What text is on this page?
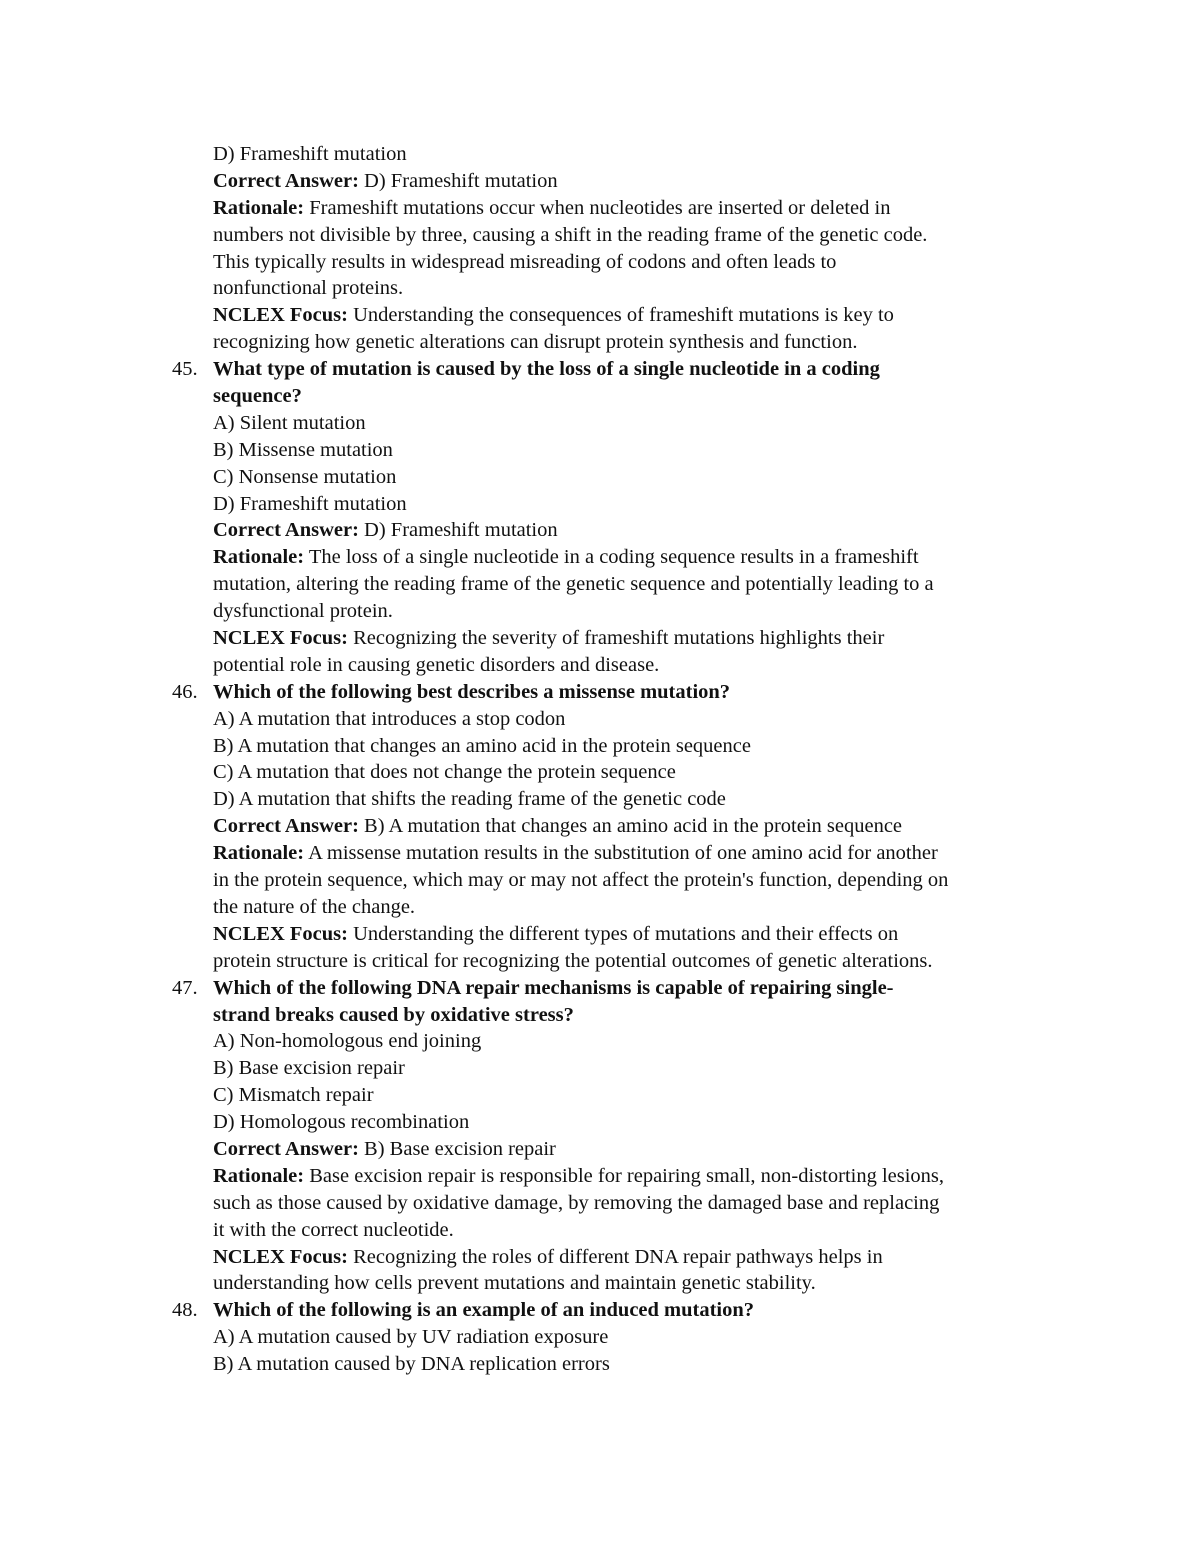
D) Frameshift mutation
Correct Answer: D) Frameshift mutation
Rationale: Frameshift mutations occur when nucleotides are inserted or deleted in
numbers not divisible by three, causing a shift in the reading frame of the genetic code.
This typically results in widespread misreading of codons and often leads to
nonfunctional proteins.
NCLEX Focus: Understanding the consequences of frameshift mutations is key to
recognizing how genetic alterations can disrupt protein synthesis and function.
45. What type of mutation is caused by the loss of a single nucleotide in a coding
sequence?
A) Silent mutation
B) Missense mutation
C) Nonsense mutation
D) Frameshift mutation
Correct Answer: D) Frameshift mutation
Rationale: The loss of a single nucleotide in a coding sequence results in a frameshift
mutation, altering the reading frame of the genetic sequence and potentially leading to a
dysfunctional protein.
NCLEX Focus: Recognizing the severity of frameshift mutations highlights their
potential role in causing genetic disorders and disease.
46. Which of the following best describes a missense mutation?
A) A mutation that introduces a stop codon
B) A mutation that changes an amino acid in the protein sequence
C) A mutation that does not change the protein sequence
D) A mutation that shifts the reading frame of the genetic code
Correct Answer: B) A mutation that changes an amino acid in the protein sequence
Rationale: A missense mutation results in the substitution of one amino acid for another
in the protein sequence, which may or may not affect the protein's function, depending on
the nature of the change.
NCLEX Focus: Understanding the different types of mutations and their effects on
protein structure is critical for recognizing the potential outcomes of genetic alterations.
47. Which of the following DNA repair mechanisms is capable of repairing single-
strand breaks caused by oxidative stress?
A) Non-homologous end joining
B) Base excision repair
C) Mismatch repair
D) Homologous recombination
Correct Answer: B) Base excision repair
Rationale: Base excision repair is responsible for repairing small, non-distorting lesions,
such as those caused by oxidative damage, by removing the damaged base and replacing
it with the correct nucleotide.
NCLEX Focus: Recognizing the roles of different DNA repair pathways helps in
understanding how cells prevent mutations and maintain genetic stability.
48. Which of the following is an example of an induced mutation?
A) A mutation caused by UV radiation exposure
B) A mutation caused by DNA replication errors
